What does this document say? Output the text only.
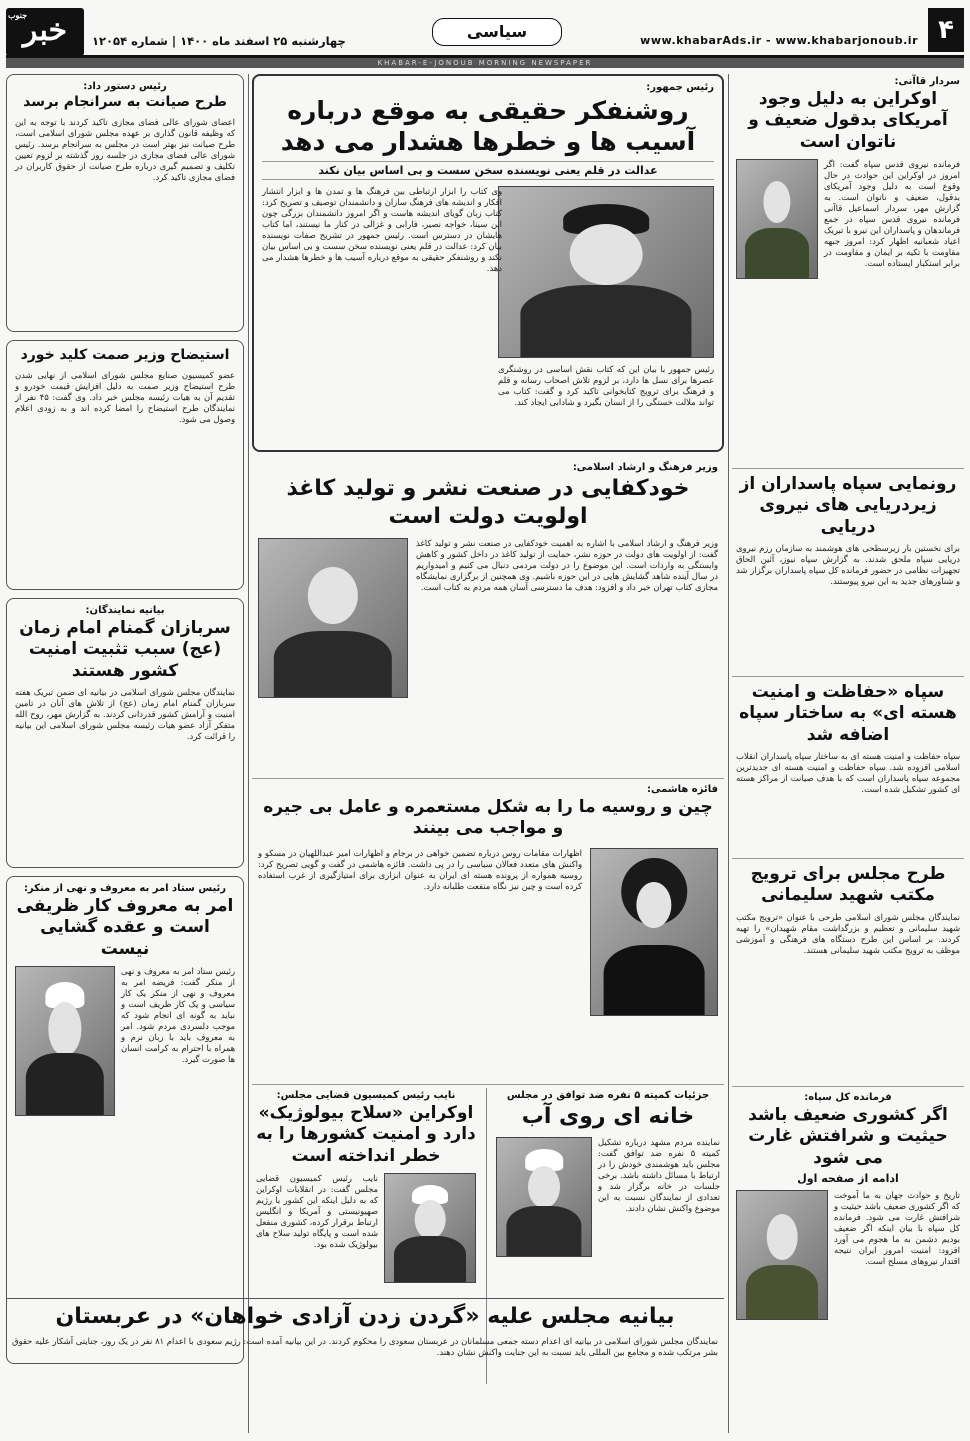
جنوب
خبر	چهارشنبه ۲۵ اسفند ماه ۱۴۰۰ | شماره ۱۲۰۵۴	سیاسی	www.khabarAds.ir - www.khabarjonoub.ir ۴
KHABAR-E-JONOUB MORNING NEWSPAPER
سردار قاآنی:
اوکراین به دلیل وجود آمریکای بدقول ضعیف و ناتوان است
فرمانده نیروی قدس سپاه گفت: اگر امروز در اوکراین این حوادث در حال وقوع است به دلیل وجود آمریکای بدقول، ضعیف و ناتوان است. به گزارش مهر، سردار اسماعیل قاآنی فرمانده نیروی قدس سپاه در جمع فرماندهان و پاسداران این نیرو با تبریک اعیاد شعبانیه اظهار کرد: امروز جبهه مقاومت با تکیه بر ایمان و مقاومت در برابر استکبار ایستاده است.
رونمایی سپاه پاسداران از زیردریایی های نیروی دریایی
برای نخستین بار زیرسطحی های هوشمند به سازمان رزم نیروی دریایی سپاه ملحق شدند. به گزارش سپاه نیوز، آئین الحاق تجهیزات نظامی در حضور فرمانده کل سپاه پاسداران برگزار شد و شناورهای جدید به این نیرو پیوستند.
سپاه «حفاظت و امنیت هسته ای» به ساختار سپاه اضافه شد
سپاه حفاظت و امنیت هسته ای به ساختار سپاه پاسداران انقلاب اسلامی افزوده شد. سپاه حفاظت و امنیت هسته ای جدیدترین مجموعه سپاه پاسداران است که با هدف صیانت از مراکز هسته ای کشور تشکیل شده است.
طرح مجلس برای ترویج مکتب شهید سلیمانی
نمایندگان مجلس شورای اسلامی طرحی با عنوان «ترویج مکتب شهید سلیمانی و تعظیم و بزرگداشت مقام شهیدان» را تهیه کردند. بر اساس این طرح دستگاه های فرهنگی و آموزشی موظف به ترویج مکتب شهید سلیمانی هستند.
فرمانده کل سپاه:
اگر کشوری ضعیف باشد حیثیت و شرافتش غارت می شود
ادامه از صفحه اول
تاریخ و حوادث جهان به ما آموخت که اگر کشوری ضعیف باشد حیثیت و شرافتش غارت می شود. فرمانده کل سپاه با بیان اینکه اگر ضعیف بودیم دشمن به ما هجوم می آورد افزود: امنیت امروز ایران نتیجه اقتدار نیروهای مسلح است.
رئیس جمهور:
روشنفکر حقیقی به موقع درباره آسیب ها و خطرها هشدار می دهد
عدالت در قلم یعنی نویسنده سخن سست و بی اساس بیان نکند
رئیس جمهور با بیان این که کتاب نقش اساسی در روشنگری عصرها برای نسل ها دارد، بر لزوم تلاش اصحاب رسانه و قلم و فرهنگ برای ترویج کتابخوانی تاکید کرد و گفت: کتاب می تواند ملالت خستگی را از انسان بگیرد و شادابی ایجاد کند.
وی کتاب را ابزار ارتباطی بین فرهنگ ها و تمدن ها و ابزار انتشار افکار و اندیشه های فرهنگ سازان و دانشمندان توصیف و تصریح کرد: کتاب زبان گویای اندیشه هاست و اگر امروز دانشمندان بزرگی چون ابن سینا، خواجه نصیر، فارابی و غزالی در کنار ما نیستند، اما کتاب هایشان در دسترس است. رئیس جمهور در تشریح صفات نویسنده بیان کرد: عدالت در قلم یعنی نویسنده سخن سست و بی اساس بیان نکند و روشنفکر حقیقی به موقع درباره آسیب ها و خطرها هشدار می دهد.
وزیر فرهنگ و ارشاد اسلامی:
خودکفایی در صنعت نشر و تولید کاغذ اولویت دولت است
وزیر فرهنگ و ارشاد اسلامی با اشاره به اهمیت خودکفایی در صنعت نشر و تولید کاغذ گفت: از اولویت های دولت در حوزه نشر، حمایت از تولید کاغذ در داخل کشور و کاهش وابستگی به واردات است. این موضوع را در دولت مردمی دنبال می کنیم و امیدواریم در سال آینده شاهد گشایش هایی در این حوزه باشیم. وی همچنین از برگزاری نمایشگاه مجازی کتاب تهران خبر داد و افزود: هدف ما دسترسی آسان همه مردم به کتاب است.
فائزه هاشمی:
چین و روسیه ما را به شکل مستعمره و عامل بی جیره و مواجب می بینند
اظهارات مقامات روس درباره تضمین خواهی در برجام و اظهارات امیر عبداللهیان در مسکو و واکنش های متعدد فعالان سیاسی را در پی داشت. فائزه هاشمی در گفت و گویی تصریح کرد: روسیه همواره از پرونده هسته ای ایران به عنوان ابزاری برای امتیازگیری از غرب استفاده کرده است و چین نیز نگاه منفعت طلبانه دارد.
نایب رئیس کمیسیون قضایی مجلس:
اوکراین «سلاح بیولوژیک» دارد و امنیت کشورها را به خطر انداخته است
نایب رئیس کمیسیون قضایی مجلس گفت: در انقلابات اوکراین که به دلیل اینکه این کشور با رژیم صهیونیستی و آمریکا و انگلیس ارتباط برقرار کرده، کشوری منفعل شده است و پایگاه تولید سلاح های بیولوژیک شده بود.
جزئیات کمیته ۵ نفره ضد توافق در مجلس
خانه ای روی آب
نماینده مردم مشهد درباره تشکیل کمیته ۵ نفره ضد توافق گفت: مجلس باید هوشمندی خودش را در ارتباط با مسائل داشته باشد. برخی جلسات در خانه برگزار شد و تعدادی از نمایندگان نسبت به این موضوع واکنش نشان دادند.
رئیس دستور داد:
طرح صیانت به سرانجام برسد
اعضای شورای عالی فضای مجازی تاکید کردند با توجه به این که وظیفه قانون گذاری بر عهده مجلس شورای اسلامی است، طرح صیانت نیز بهتر است در مجلس به سرانجام برسد. رئیس شورای عالی فضای مجازی در جلسه روز گذشته بر لزوم تعیین تکلیف و تصمیم گیری درباره طرح صیانت از حقوق کاربران در فضای مجازی تاکید کرد.
استیضاح وزیر صمت کلید خورد
عضو کمیسیون صنایع مجلس شورای اسلامی از نهایی شدن طرح استیضاح وزیر صمت به دلیل افزایش قیمت خودرو و تقدیم آن به هیات رئیسه مجلس خبر داد. وی گفت: ۴۵ نفر از نمایندگان طرح استیضاح را امضا کرده اند و به زودی اعلام وصول می شود.
بیانیه نمایندگان:
سربازان گمنام امام زمان (عج) سبب تثبیت امنیت کشور هستند
نمایندگان مجلس شورای اسلامی در بیانیه ای ضمن تبریک هفته سربازان گمنام امام زمان (عج) از تلاش های آنان در تامین امنیت و آرامش کشور قدردانی کردند. به گزارش مهر، روح الله متفکر آزاد عضو هیات رئیسه مجلس شورای اسلامی این بیانیه را قرائت کرد.
رئیس ستاد امر به معروف و نهی از منکر:
امر به معروف کار ظریفی است و عقده گشایی نیست
رئیس ستاد امر به معروف و نهی از منکر گفت: فریضه امر به معروف و نهی از منکر یک کار سیاسی و یک کار ظریف است و نباید به گونه ای انجام شود که موجب دلسردی مردم شود. امر به معروف باید با زبان نرم و همراه با احترام به کرامت انسان ها صورت گیرد.
بیانیه مجلس علیه «گردن زدن آزادی خواهان» در عربستان
نمایندگان مجلس شورای اسلامی در بیانیه ای اعدام دسته جمعی مسلمانان در عربستان سعودی را محکوم کردند. در این بیانیه آمده است: رژیم سعودی با اعدام ۸۱ نفر در یک روز، جنایتی آشکار علیه حقوق بشر مرتکب شده و مجامع بین المللی باید نسبت به این جنایت واکنش نشان دهند.
